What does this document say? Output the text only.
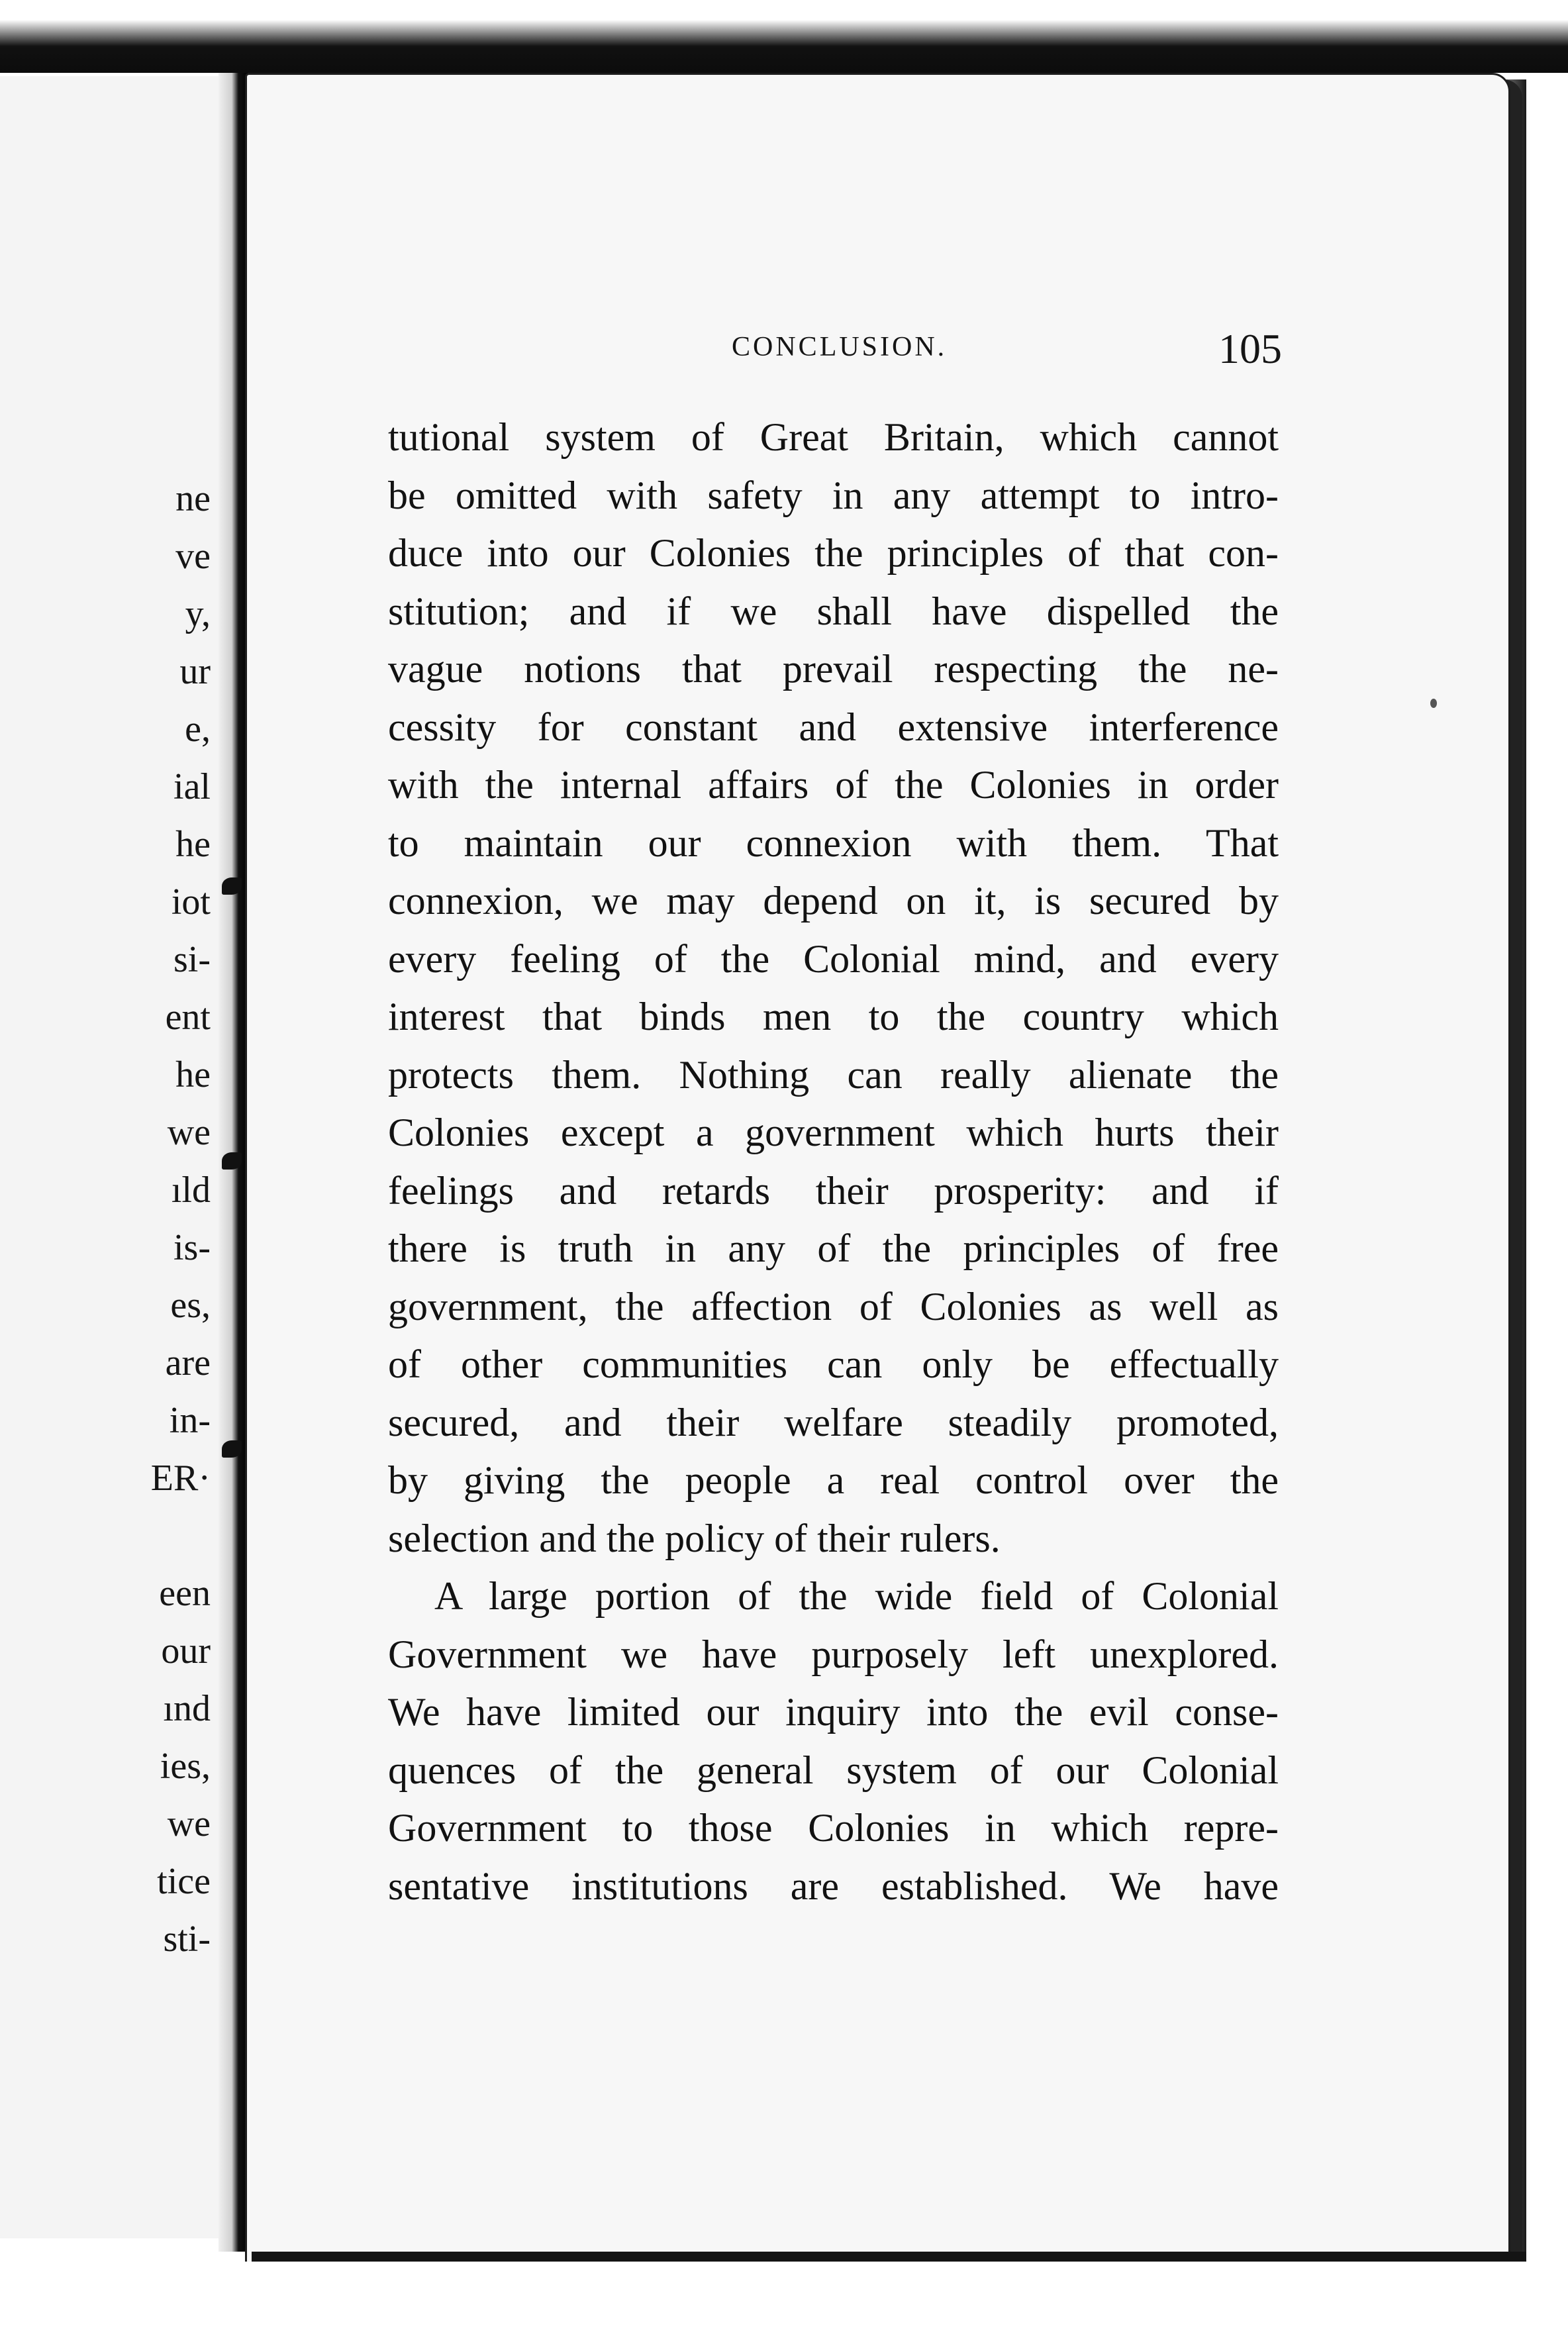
ne
ve
y,
ur
e,
ial
he
iot
si-
ent
he
we
ıld
is-
es,
are
in-
ER·
een
our
ınd
ies,
we
tice
sti-
CONCLUSION.	105
tutional system of Great Britain, which cannot
be omitted with safety in any attempt to intro-
duce into our Colonies the principles of that con-
stitution; and if we shall have dispelled the
vague notions that prevail respecting the ne-
cessity for constant and extensive interference
with the internal affairs of the Colonies in order
to maintain our connexion with them. That
connexion, we may depend on it, is secured by
every feeling of the Colonial mind, and every
interest that binds men to the country which
protects them. Nothing can really alienate the
Colonies except a government which hurts their
feelings and retards their prosperity: and if
there is truth in any of the principles of free
government, the affection of Colonies as well as
of other communities can only be effectually
secured, and their welfare steadily promoted,
by giving the people a real control over the
selection and the policy of their rulers.
A large portion of the wide field of Colonial
Government we have purposely left unexplored.
We have limited our inquiry into the evil conse-
quences of the general system of our Colonial
Government to those Colonies in which repre-
sentative institutions are established. We have
